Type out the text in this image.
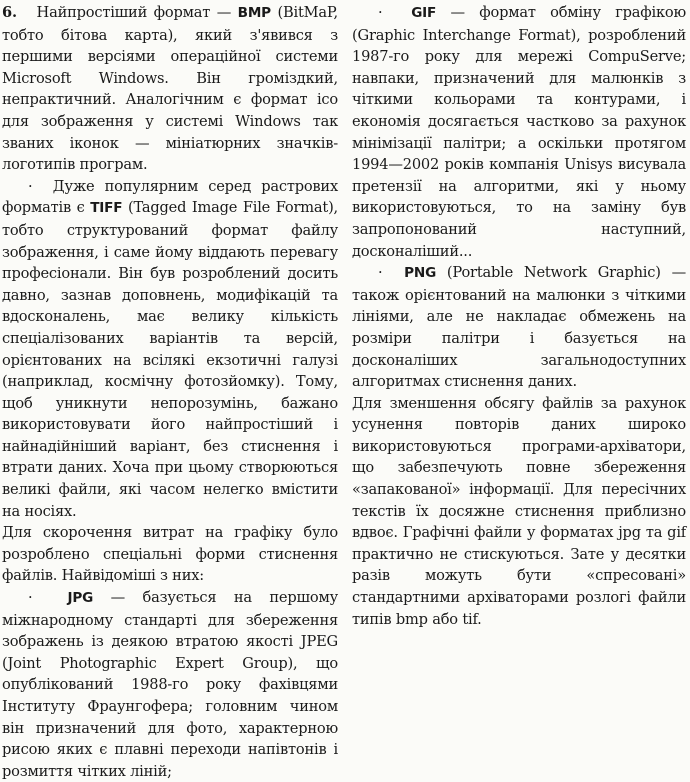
6. Найпростіший формат — BMP (BitMaP, тобто бітова карта), який з'явився з першими версіями операційної системи Microsoft Windows. Він громіздкий, непрактичний. Аналогічним є формат ico для зображення у системі Windows так званих іконок — мініатюрних значків-логотипів програм.

· Дуже популярним серед растрових форматів є TIFF (Tagged Image File Format), тобто структурований формат файлу зображення, і саме йому віддають перевагу професіонали. Він був розроблений досить давно, зазнав доповнень, модифікацій та вдосконалень, має велику кількість спеціалізованих варіантів та версій, орієнтованих на всілякі екзотичні галузі (наприклад, космічну фотозйомку). Тому, щоб уникнути непорозумінь, бажано використовувати його найпростіший і найнадійніший варіант, без стиснення і втрати даних. Хоча при цьому створюються великі файли, які часом нелегко вмістити на носіях.

Для скорочення витрат на графіку було розроблено спеціальні форми стиснення файлів. Найвідоміші з них:

·	JPG — базується на першому міжнародному стандарті для збереження зображень із деякою втратою якості JPEG (Joint Photographic Expert Group), що опублікований 1988-го року фахівцями Інституту Фраунгофера; головним чином він призначений для фото, характерною рисою яких є плавні переходи напівтонів і розмиття чітких ліній;

· GIF — формат обміну графікою (Graphic Interchange Format), розроблений 1987-го року для мережі CompuServe; навпаки, призначений для малюнків з чіткими кольорами та контурами, і економія досягається частково за рахунок мінімізації палітри; а оскільки протягом 1994—2002 років компанія Unisys висувала претензії на алгоритми, які у ньому використовуються, то на заміну був запропонований наступний, досконаліший...

· PNG (Portable Network Graphic) — також орієнтований на малюнки з чіткими лініями, але не накладає обмежень на розміри палітри і базується на досконаліших загальнодоступних алгоритмах стиснення даних.

Для зменшення обсягу файлів за рахунок усунення повторів даних широко використовуються програми-архіватори, що забезпечують повне збереження «запакованої» інформації. Для пересічних текстів їх досяжне стиснення приблизно вдвоє. Графічні файли у форматах jpg та gif практично не стискуються. Зате у десятки разів можуть бути «спресовані» стандартними архіваторами розлогі файли типів bmp або tif.
